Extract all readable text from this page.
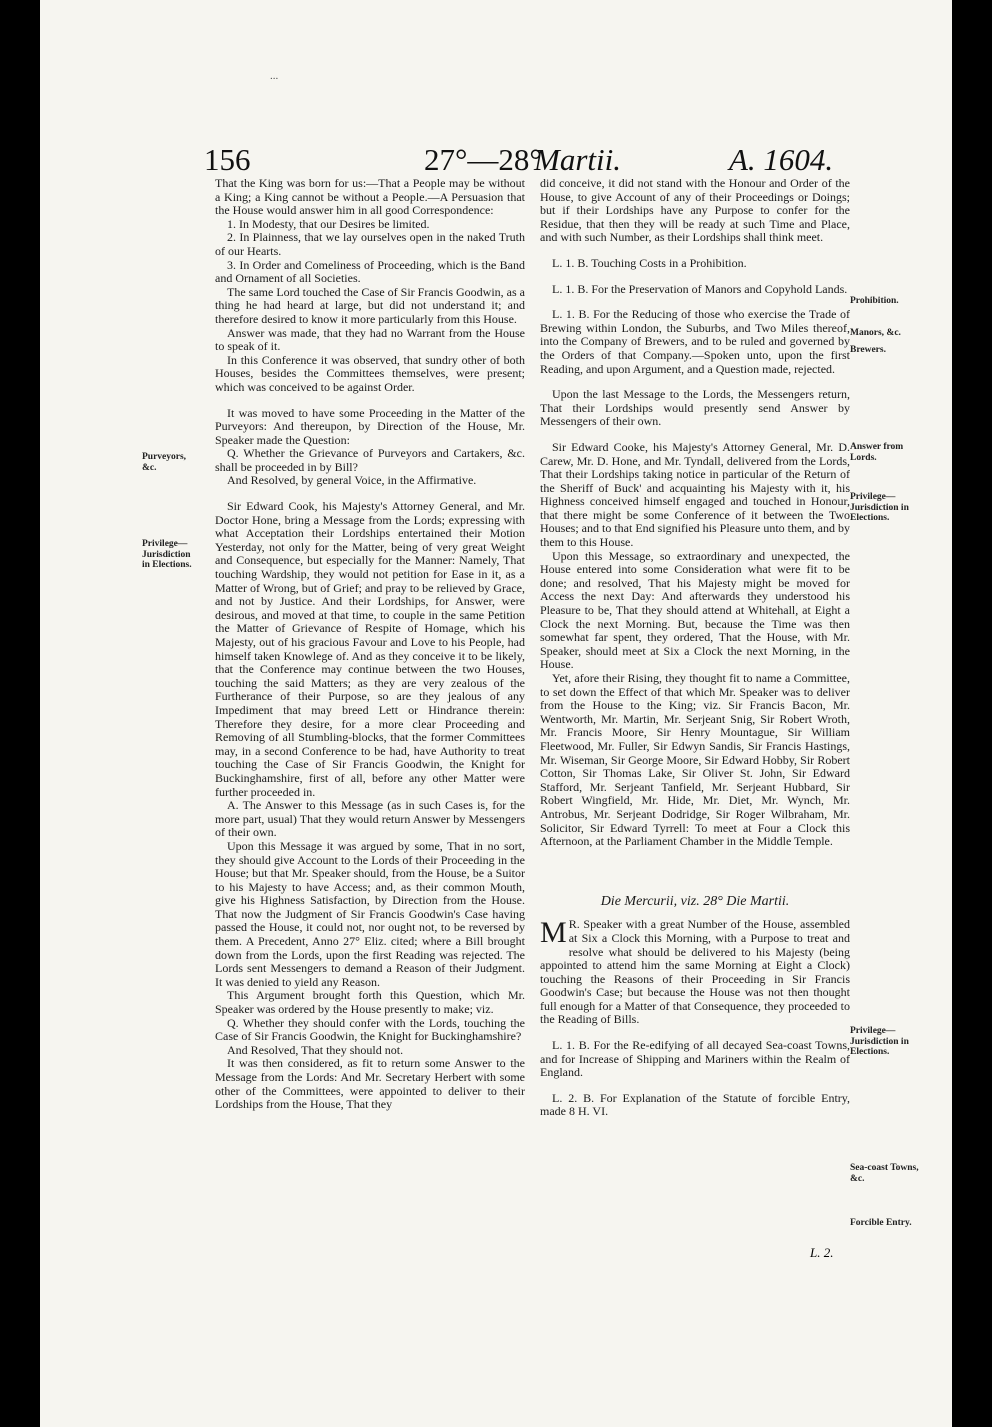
...
156	27°—28°
Martii.	A. 1604.

That the King was born for us:—That a People may be without a King; a King cannot be without a People.—A Persuasion that the House would answer him in all good Correspondence:

1. In Modesty, that our Desires be limited.

2. In Plainness, that we lay ourselves open in the naked Truth of our Hearts.

3. In Order and Comeliness of Proceeding, which is the Band and Ornament of all Societies.

The same Lord touched the Case of Sir Francis Goodwin, as a thing he had heard at large, but did not understand it; and therefore desired to know it more particularly from this House.

Answer was made, that they had no Warrant from the House to speak of it.

In this Conference it was observed, that sundry other of both Houses, besides the Committees themselves, were present; which was conceived to be against Order.

It was moved to have some Proceeding in the Matter of the Purveyors: And thereupon, by Direction of the House, Mr. Speaker made the Question:

Q. Whether the Grievance of Purveyors and Cartakers, &c. shall be proceeded in by Bill?

And Resolved, by general Voice, in the Affirmative.

Sir Edward Cook, his Majesty's Attorney General, and Mr. Doctor Hone, bring a Message from the Lords; expressing with what Acceptation their Lordships entertained their Motion Yesterday, not only for the Matter, being of very great Weight and Consequence, but especially for the Manner: Namely, That touching Wardship, they would not petition for Ease in it, as a Matter of Wrong, but of Grief; and pray to be relieved by Grace, and not by Justice. And their Lordships, for Answer, were desirous, and moved at that time, to couple in the same Petition the Matter of Grievance of Respite of Homage, which his Majesty, out of his gracious Favour and Love to his People, had himself taken Knowlege of. And as they conceive it to be likely, that the Conference may continue between the two Houses, touching the said Matters; as they are very zealous of the Furtherance of their Purpose, so are they jealous of any Impediment that may breed Lett or Hindrance therein: Therefore they desire, for a more clear Proceeding and Removing of all Stumbling-blocks, that the former Committees may, in a second Conference to be had, have Authority to treat touching the Case of Sir Francis Goodwin, the Knight for Buckinghamshire, first of all, before any other Matter were further proceeded in.

A. The Answer to this Message (as in such Cases is, for the more part, usual) That they would return Answer by Messengers of their own.

Upon this Message it was argued by some, That in no sort, they should give Account to the Lords of their Proceeding in the House; but that Mr. Speaker should, from the House, be a Suitor to his Majesty to have Access; and, as their common Mouth, give his Highness Satisfaction, by Direction from the House. That now the Judgment of Sir Francis Goodwin's Case having passed the House, it could not, nor ought not, to be reversed by them. A Precedent, Anno 27° Eliz. cited; where a Bill brought down from the Lords, upon the first Reading was rejected. The Lords sent Messengers to demand a Reason of their Judgment. It was denied to yield any Reason.

This Argument brought forth this Question, which Mr. Speaker was ordered by the House presently to make; viz.

Q. Whether they should confer with the Lords, touching the Case of Sir Francis Goodwin, the Knight for Buckinghamshire?

And Resolved, That they should not.

It was then considered, as fit to return some Answer to the Message from the Lords: And Mr. Secretary Herbert with some other of the Committees, were appointed to deliver to their Lordships from the House, That they

did conceive, it did not stand with the Honour and Order of the House, to give Account of any of their Proceedings or Doings; but if their Lordships have any Purpose to confer for the Residue, that then they will be ready at such Time and Place, and with such Number, as their Lordships shall think meet.

L. 1. B. Touching Costs in a Prohibition.

L. 1. B. For the Preservation of Manors and Copyhold Lands.

L. 1. B. For the Reducing of those who exercise the Trade of Brewing within London, the Suburbs, and Two Miles thereof, into the Company of Brewers, and to be ruled and governed by the Orders of that Company.—Spoken unto, upon the first Reading, and upon Argument, and a Question made, rejected.

Upon the last Message to the Lords, the Messengers return, That their Lordships would presently send Answer by Messengers of their own.

Sir Edward Cooke, his Majesty's Attorney General, Mr. D. Carew, Mr. D. Hone, and Mr. Tyndall, delivered from the Lords, That their Lordships taking notice in particular of the Return of the Sheriff of Buck' and acquainting his Majesty with it, his Highness conceived himself engaged and touched in Honour, that there might be some Conference of it between the Two Houses; and to that End signified his Pleasure unto them, and by them to this House.

Upon this Message, so extraordinary and unexpected, the House entered into some Consideration what were fit to be done; and resolved, That his Majesty might be moved for Access the next Day: And afterwards they understood his Pleasure to be, That they should attend at Whitehall, at Eight a Clock the next Morning. But, because the Time was then somewhat far spent, they ordered, That the House, with Mr. Speaker, should meet at Six a Clock the next Morning, in the House.

Yet, afore their Rising, they thought fit to name a Committee, to set down the Effect of that which Mr. Speaker was to deliver from the House to the King; viz. Sir Francis Bacon, Mr. Wentworth, Mr. Martin, Mr. Serjeant Snig, Sir Robert Wroth, Mr. Francis Moore, Sir Henry Mountague, Sir William Fleetwood, Mr. Fuller, Sir Edwyn Sandis, Sir Francis Hastings, Mr. Wiseman, Sir George Moore, Sir Edward Hobby, Sir Robert Cotton, Sir Thomas Lake, Sir Oliver St. John, Sir Edward Stafford, Mr. Serjeant Tanfield, Mr. Serjeant Hubbard, Sir Robert Wingfield, Mr. Hide, Mr. Diet, Mr. Wynch, Mr. Antrobus, Mr. Serjeant Dodridge, Sir Roger Wilbraham, Mr. Solicitor, Sir Edward Tyrrell: To meet at Four a Clock this Afternoon, at the Parliament Chamber in the Middle Temple.

Die Mercurii, viz. 28° Die Martii.

M R. Speaker with a great Number of the House, assembled at Six a Clock this Morning, with a Purpose to treat and resolve what should be delivered to his Majesty (being appointed to attend him the same Morning at Eight a Clock) touching the Reasons of their Proceeding in Sir Francis Goodwin's Case; but because the House was not then thought full enough for a Matter of that Consequence, they proceeded to the Reading of Bills.

L. 1. B. For the Re-edifying of all decayed Sea-coast Towns, and for Increase of Shipping and Mariners within the Realm of England.

L. 2. B. For Explanation of the Statute of forcible Entry, made 8 H. VI.

Purveyors, &c.
Privilege—Jurisdiction in Elections.
Prohibition.
Manors, &c.
Brewers.
Answer from Lords.
Privilege—Jurisdiction in Elections.
Privilege—Jurisdiction in Elections.
Sea-coast Towns, &c.
Forcible Entry.
L. 2.
